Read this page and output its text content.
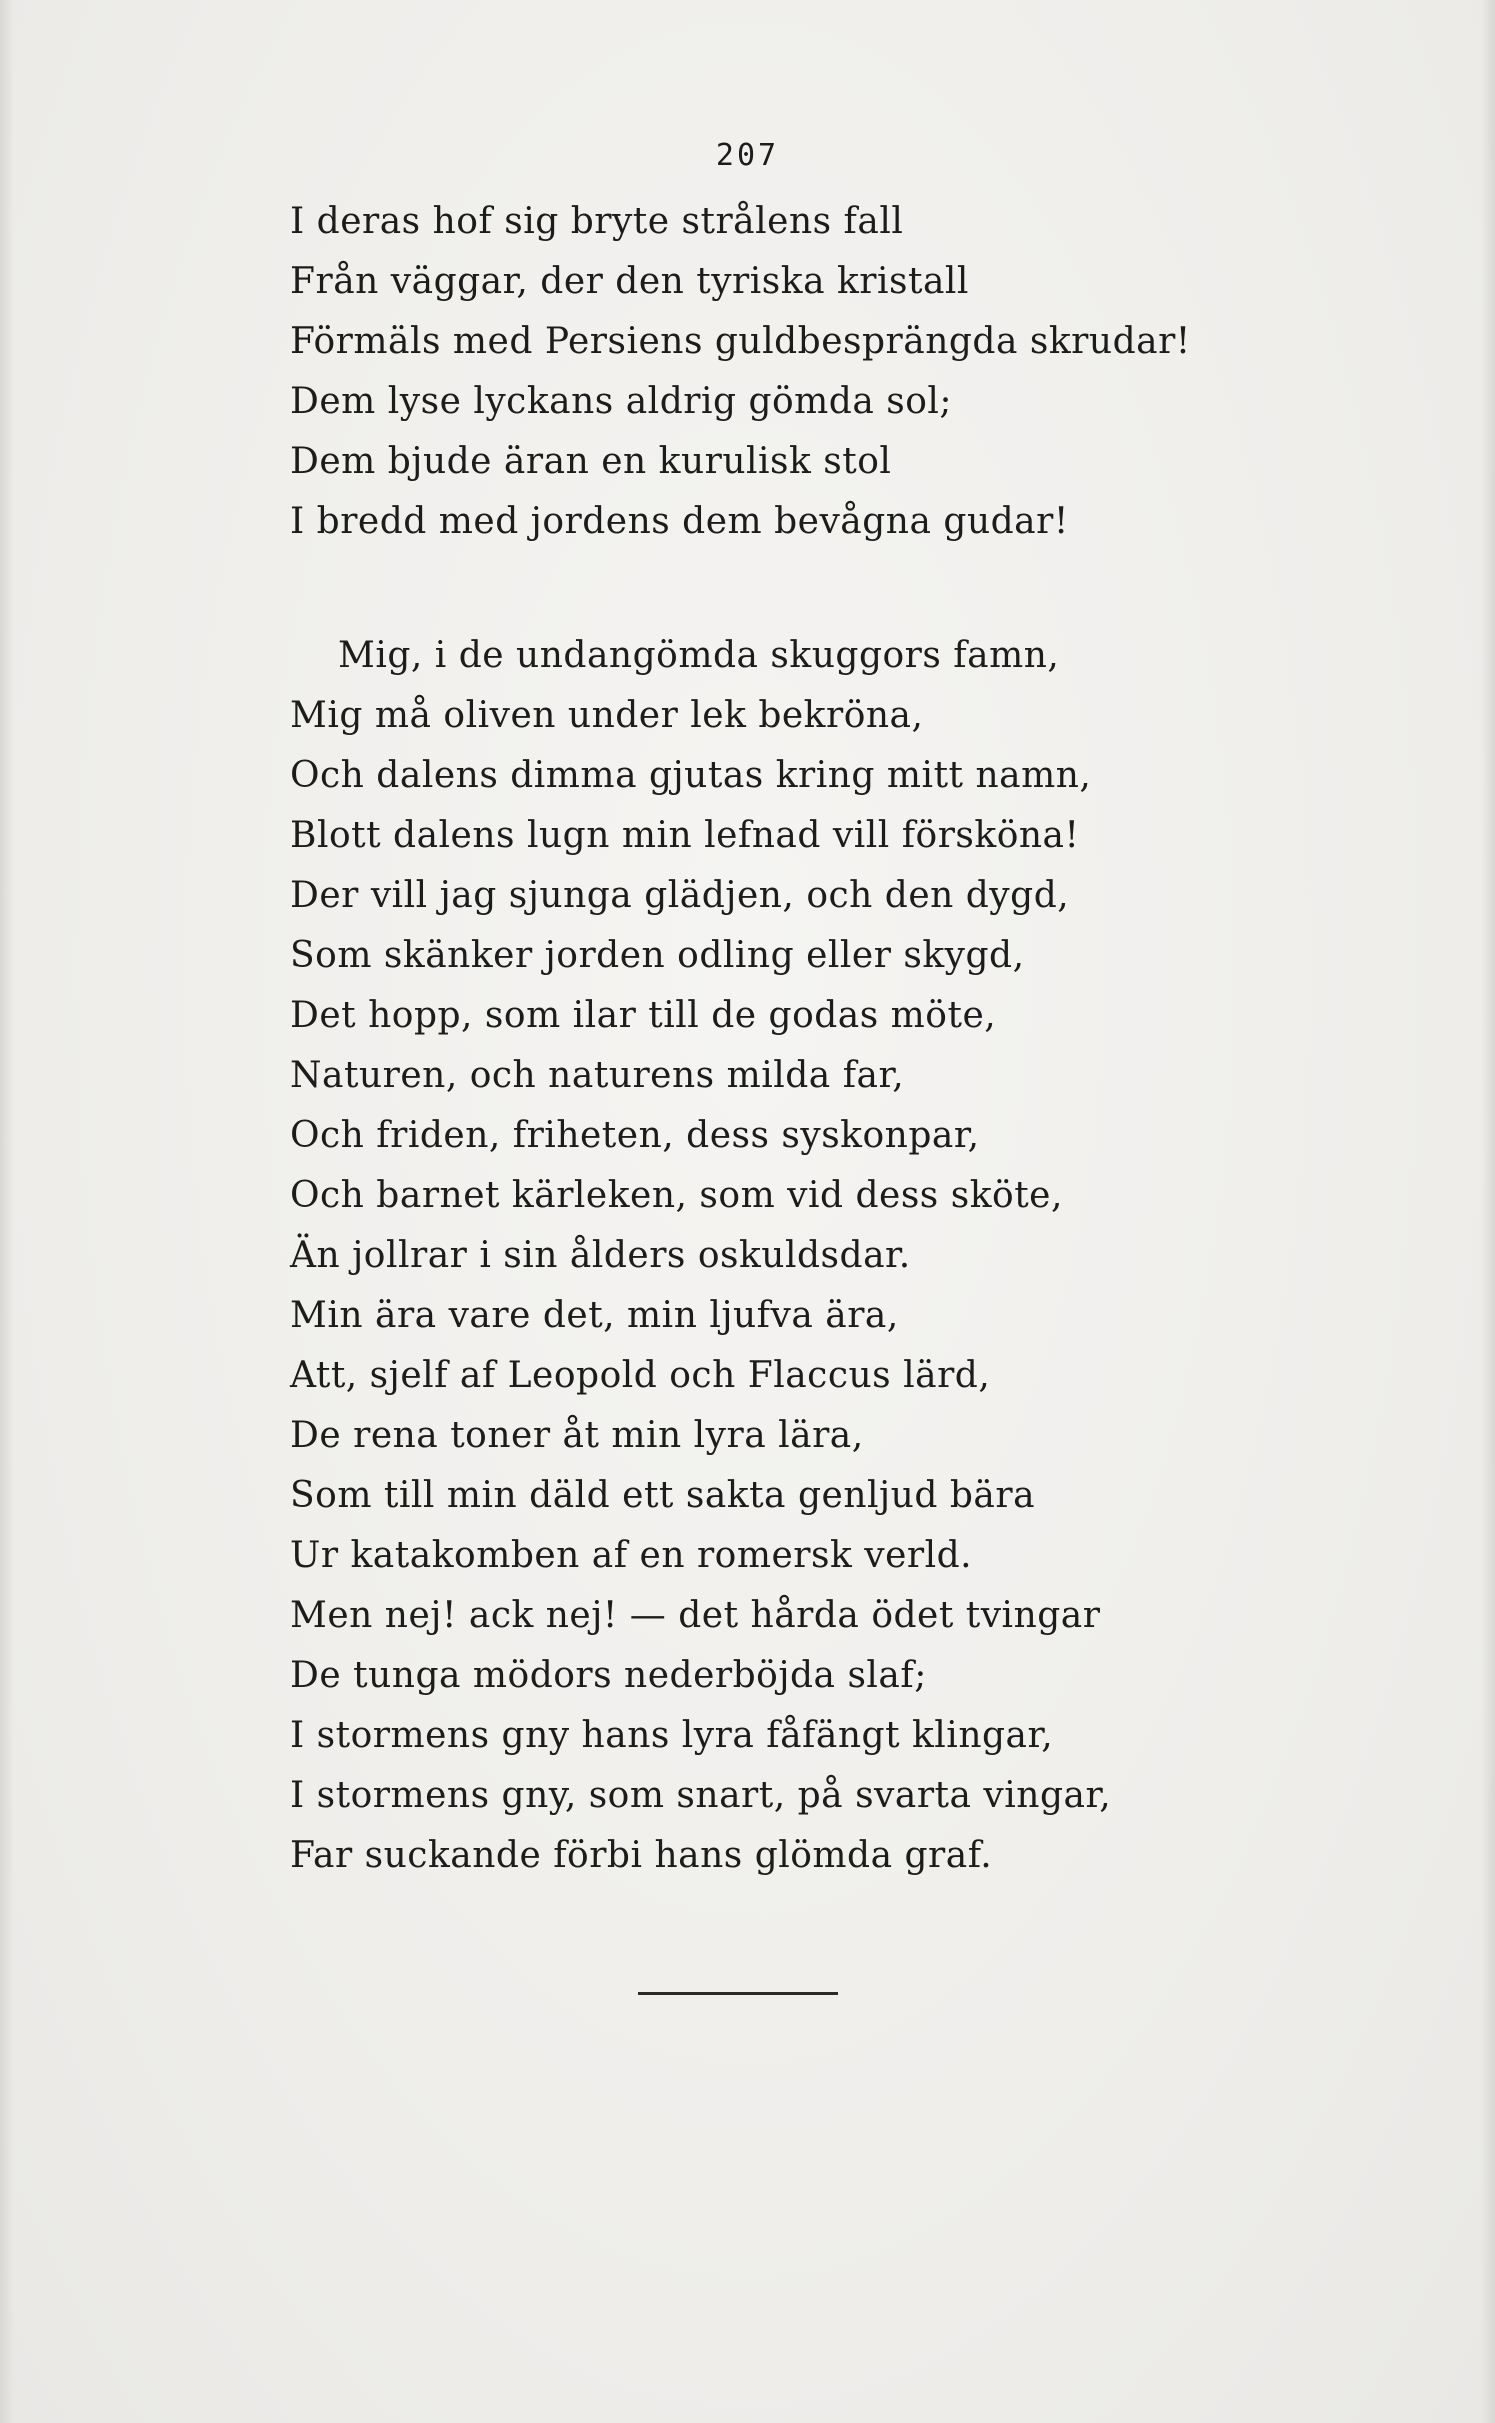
207
I deras hof sig bryte strålens fall
Från väggar, der den tyriska kristall
Förmäls med Persiens guldbesprängda skrudar!
Dem lyse lyckans aldrig gömda sol;
Dem bjude äran en kurulisk stol
I bredd med jordens dem bevågna gudar!
Mig, i de undangömda skuggors famn,
Mig må oliven under lek bekröna,
Och dalens dimma gjutas kring mitt namn,
Blott dalens lugn min lefnad vill försköna!
Der vill jag sjunga glädjen, och den dygd,
Som skänker jorden odling eller skygd,
Det hopp, som ilar till de godas möte,
Naturen, och naturens milda far,
Och friden, friheten, dess syskonpar,
Och barnet kärleken, som vid dess sköte,
Än jollrar i sin ålders oskuldsdar.
Min ära vare det, min ljufva ära,
Att, sjelf af Leopold och Flaccus lärd,
De rena toner åt min lyra lära,
Som till min däld ett sakta genljud bära
Ur katakomben af en romersk verld.
Men nej! ack nej! — det hårda ödet tvingar
De tunga mödors nederböjda slaf;
I stormens gny hans lyra fåfängt klingar,
I stormens gny, som snart, på svarta vingar,
Far suckande förbi hans glömda graf.
